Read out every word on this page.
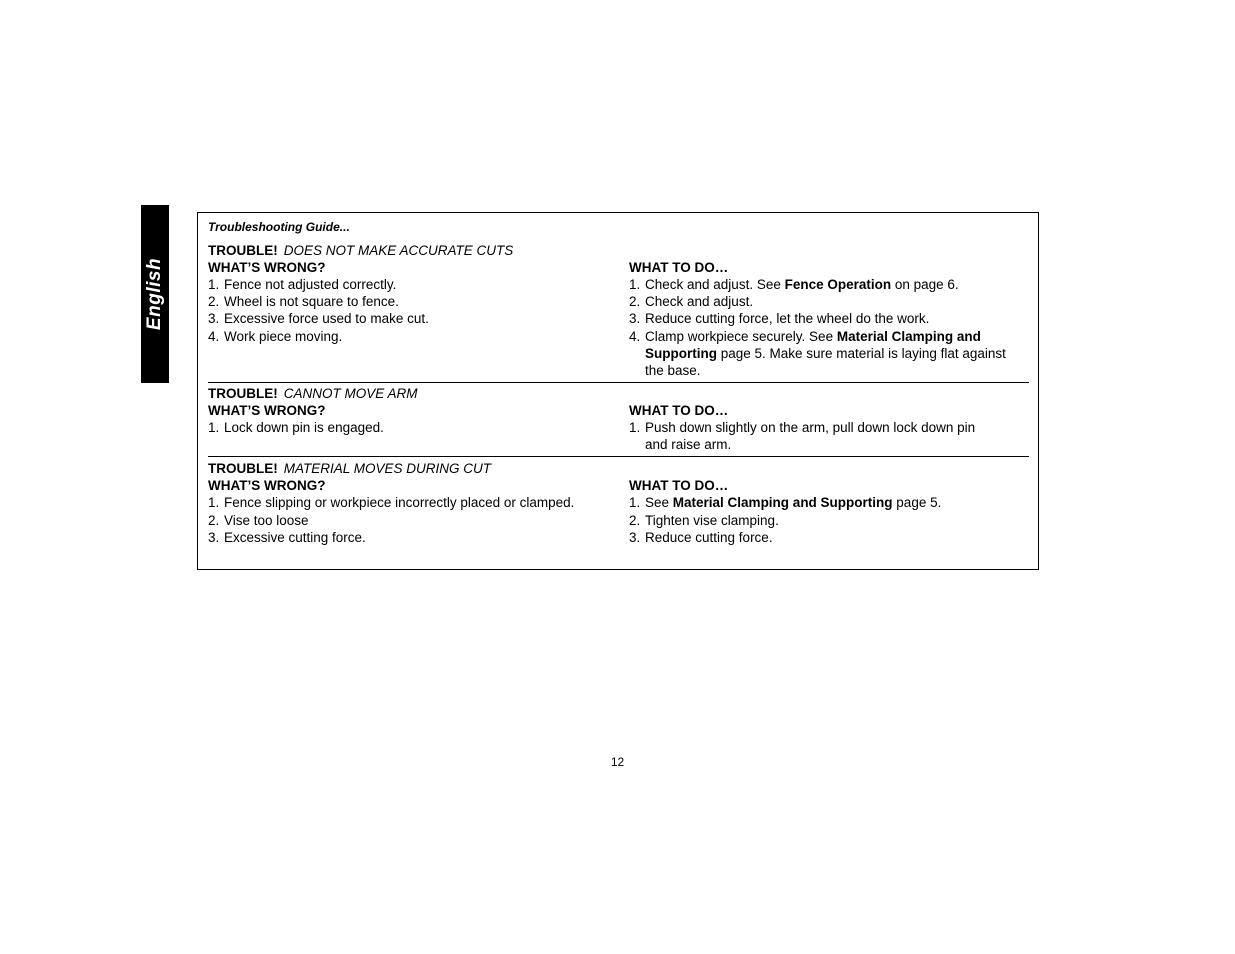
English
Troubleshooting Guide...
TROUBLE! DOES NOT MAKE ACCURATE CUTS
WHAT’S WRONG?
1. Fence not adjusted correctly.
2. Wheel is not square to fence.
3. Excessive force used to make cut.
4. Work piece moving.
WHAT TO DO…
1. Check and adjust. See Fence Operation on page 6.
2. Check and adjust.
3. Reduce cutting force, let the wheel do the work.
4. Clamp workpiece securely. See Material Clamping and Supporting page 5. Make sure material is laying flat against the base.
TROUBLE! CANNOT MOVE ARM
WHAT’S WRONG?
1. Lock down pin is engaged.
WHAT TO DO…
1. Push down slightly on the arm, pull down lock down pin and raise arm.
TROUBLE! MATERIAL MOVES DURING CUT
WHAT’S WRONG?
1. Fence slipping or workpiece incorrectly placed or clamped.
2. Vise too loose
3. Excessive cutting force.
WHAT TO DO…
1. See Material Clamping and Supporting page 5.
2. Tighten vise clamping.
3. Reduce cutting force.
12
